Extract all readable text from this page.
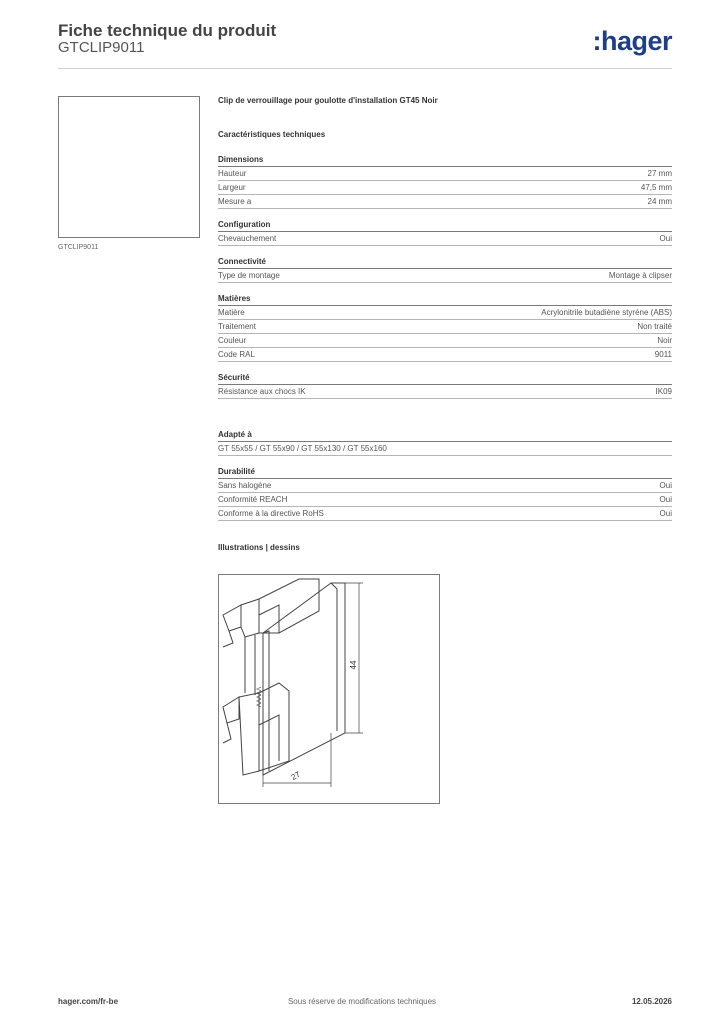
Fiche technique du produit
GTCLIP9011	:hager
GTCLIP9011
Clip de verrouillage pour goulotte d'installation GT45 Noir
Caractéristiques techniques
Dimensions
Hauteur	27 mm
Largeur	47,5 mm
Mesure a	24 mm
Configuration
Chevauchement	Oui
Connectivité
Type de montage	Montage à clipser
Matières
Matière	Acrylonitrile butadiène styrène (ABS)
Traitement	Non traité
Couleur	Noir
Code RAL	9011
Sécurité
Résistance aux chocs IK	IK09
Adapté à
GT 55x55 / GT 55x90 / GT 55x130 / GT 55x160
Durabilité
Sans halogène	Oui
Conformité REACH	Oui
Conforme à la directive RoHS	Oui
Illustrations | dessins
ΛΛΛΛΛ
44
27
Sous réserve de modifications techniques
hager.com/fr-be	12.05.2026
